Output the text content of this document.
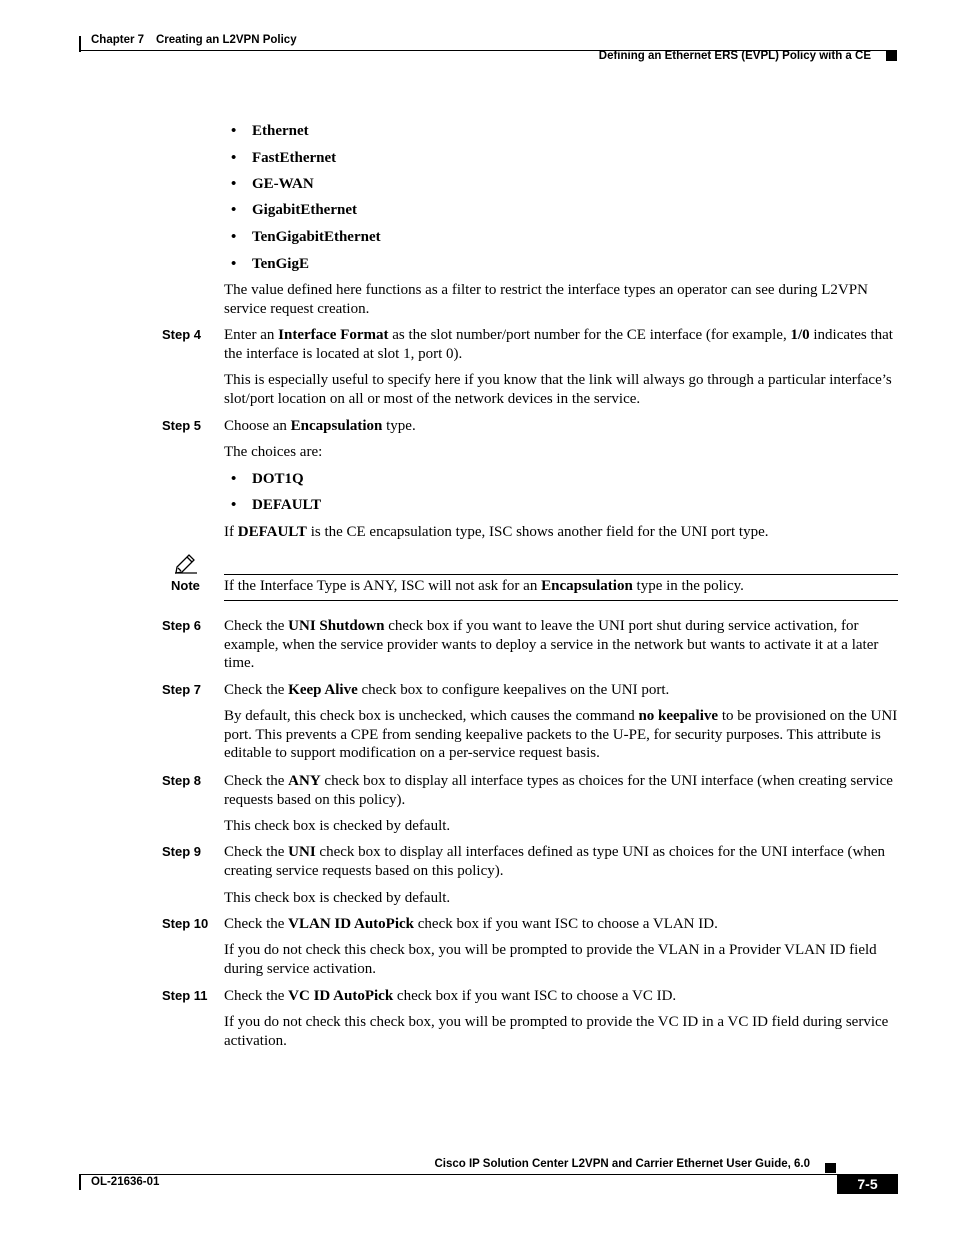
Chapter 7 Creating an L2VPN Policy
Defining an Ethernet ERS (EVPL) Policy with a CE
• Ethernet
• FastEthernet
• GE-WAN
• GigabitEthernet
• TenGigabitEthernet
• TenGigE
The value defined here functions as a filter to restrict the interface types an operator can see during L2VPN service request creation.
Step 4 Enter an Interface Format as the slot number/port number for the CE interface (for example, 1/0 indicates that the interface is located at slot 1, port 0).
This is especially useful to specify here if you know that the link will always go through a particular interface’s slot/port location on all or most of the network devices in the service.
Step 5 Choose an Encapsulation type.
The choices are:
• DOT1Q
• DEFAULT
If DEFAULT is the CE encapsulation type, ISC shows another field for the UNI port type.
Note If the Interface Type is ANY, ISC will not ask for an Encapsulation type in the policy.
Step 6 Check the UNI Shutdown check box if you want to leave the UNI port shut during service activation, for example, when the service provider wants to deploy a service in the network but wants to activate it at a later time.
Step 7 Check the Keep Alive check box to configure keepalives on the UNI port.
By default, this check box is unchecked, which causes the command no keepalive to be provisioned on the UNI port. This prevents a CPE from sending keepalive packets to the U-PE, for security purposes. This attribute is editable to support modification on a per-service request basis.
Step 8 Check the ANY check box to display all interface types as choices for the UNI interface (when creating service requests based on this policy).
This check box is checked by default.
Step 9 Check the UNI check box to display all interfaces defined as type UNI as choices for the UNI interface (when creating service requests based on this policy).
This check box is checked by default.
Step 10 Check the VLAN ID AutoPick check box if you want ISC to choose a VLAN ID.
If you do not check this check box, you will be prompted to provide the VLAN in a Provider VLAN ID field during service activation.
Step 11 Check the VC ID AutoPick check box if you want ISC to choose a VC ID.
If you do not check this check box, you will be prompted to provide the VC ID in a VC ID field during service activation.
Cisco IP Solution Center L2VPN and Carrier Ethernet User Guide, 6.0
OL-21636-01	7-5
